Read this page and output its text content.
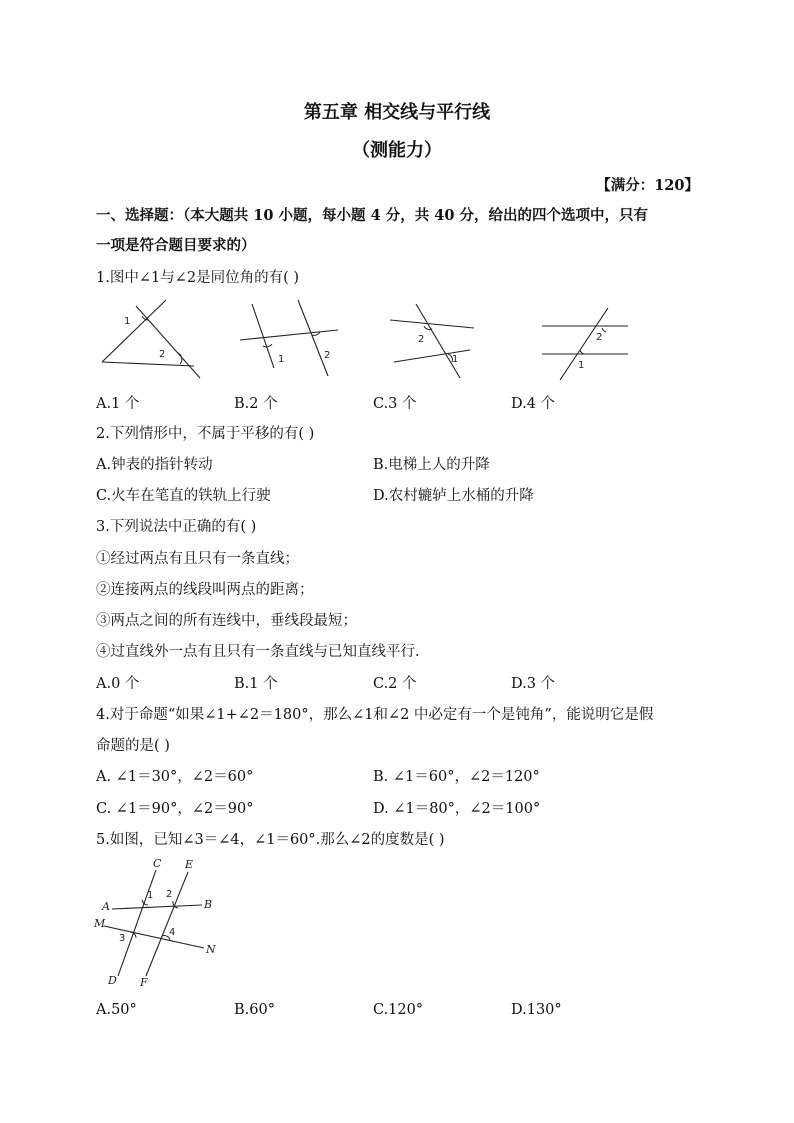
第五章 相交线与平行线
（测能力）
【满分：120】
一、选择题：（本大题共 10 小题，每小题 4 分，共 40 分，给出的四个选项中，只有
一项是符合题目要求的）
1.图中∠1与∠2是同位角的有( )
1
2	1	2
2
1
2
1
A.1 个	B.2 个	C.3 个	D.4 个
2.下列情形中，不属于平移的有( )
A.钟表的指针转动	B.电梯上人的升降
C.火车在笔直的铁轨上行驶	D.农村辘轳上水桶的升降
3.下列说法中正确的有( )
①经过两点有且只有一条直线；
②连接两点的线段叫两点的距离；
③两点之间的所有连线中，垂线段最短；
④过直线外一点有且只有一条直线与已知直线平行.
A.0 个	B.1 个	C.2 个	D.3 个
4.对于命题“如果∠1+∠2＝180°，那么∠1和∠2 中必定有一个是钝角”，能说明它是假
命题的是( )
A. ∠1＝30°，∠2＝60°	B. ∠1＝60°，∠2＝120°
C. ∠1＝90°，∠2＝90°	D. ∠1＝80°，∠2＝100°
5.如图，已知∠3＝∠4，∠1＝60°.那么∠2的度数是( )
C E
A	B
M
N
D F
1 2
3
4
A.50°	B.60°	C.120°	D.130°
